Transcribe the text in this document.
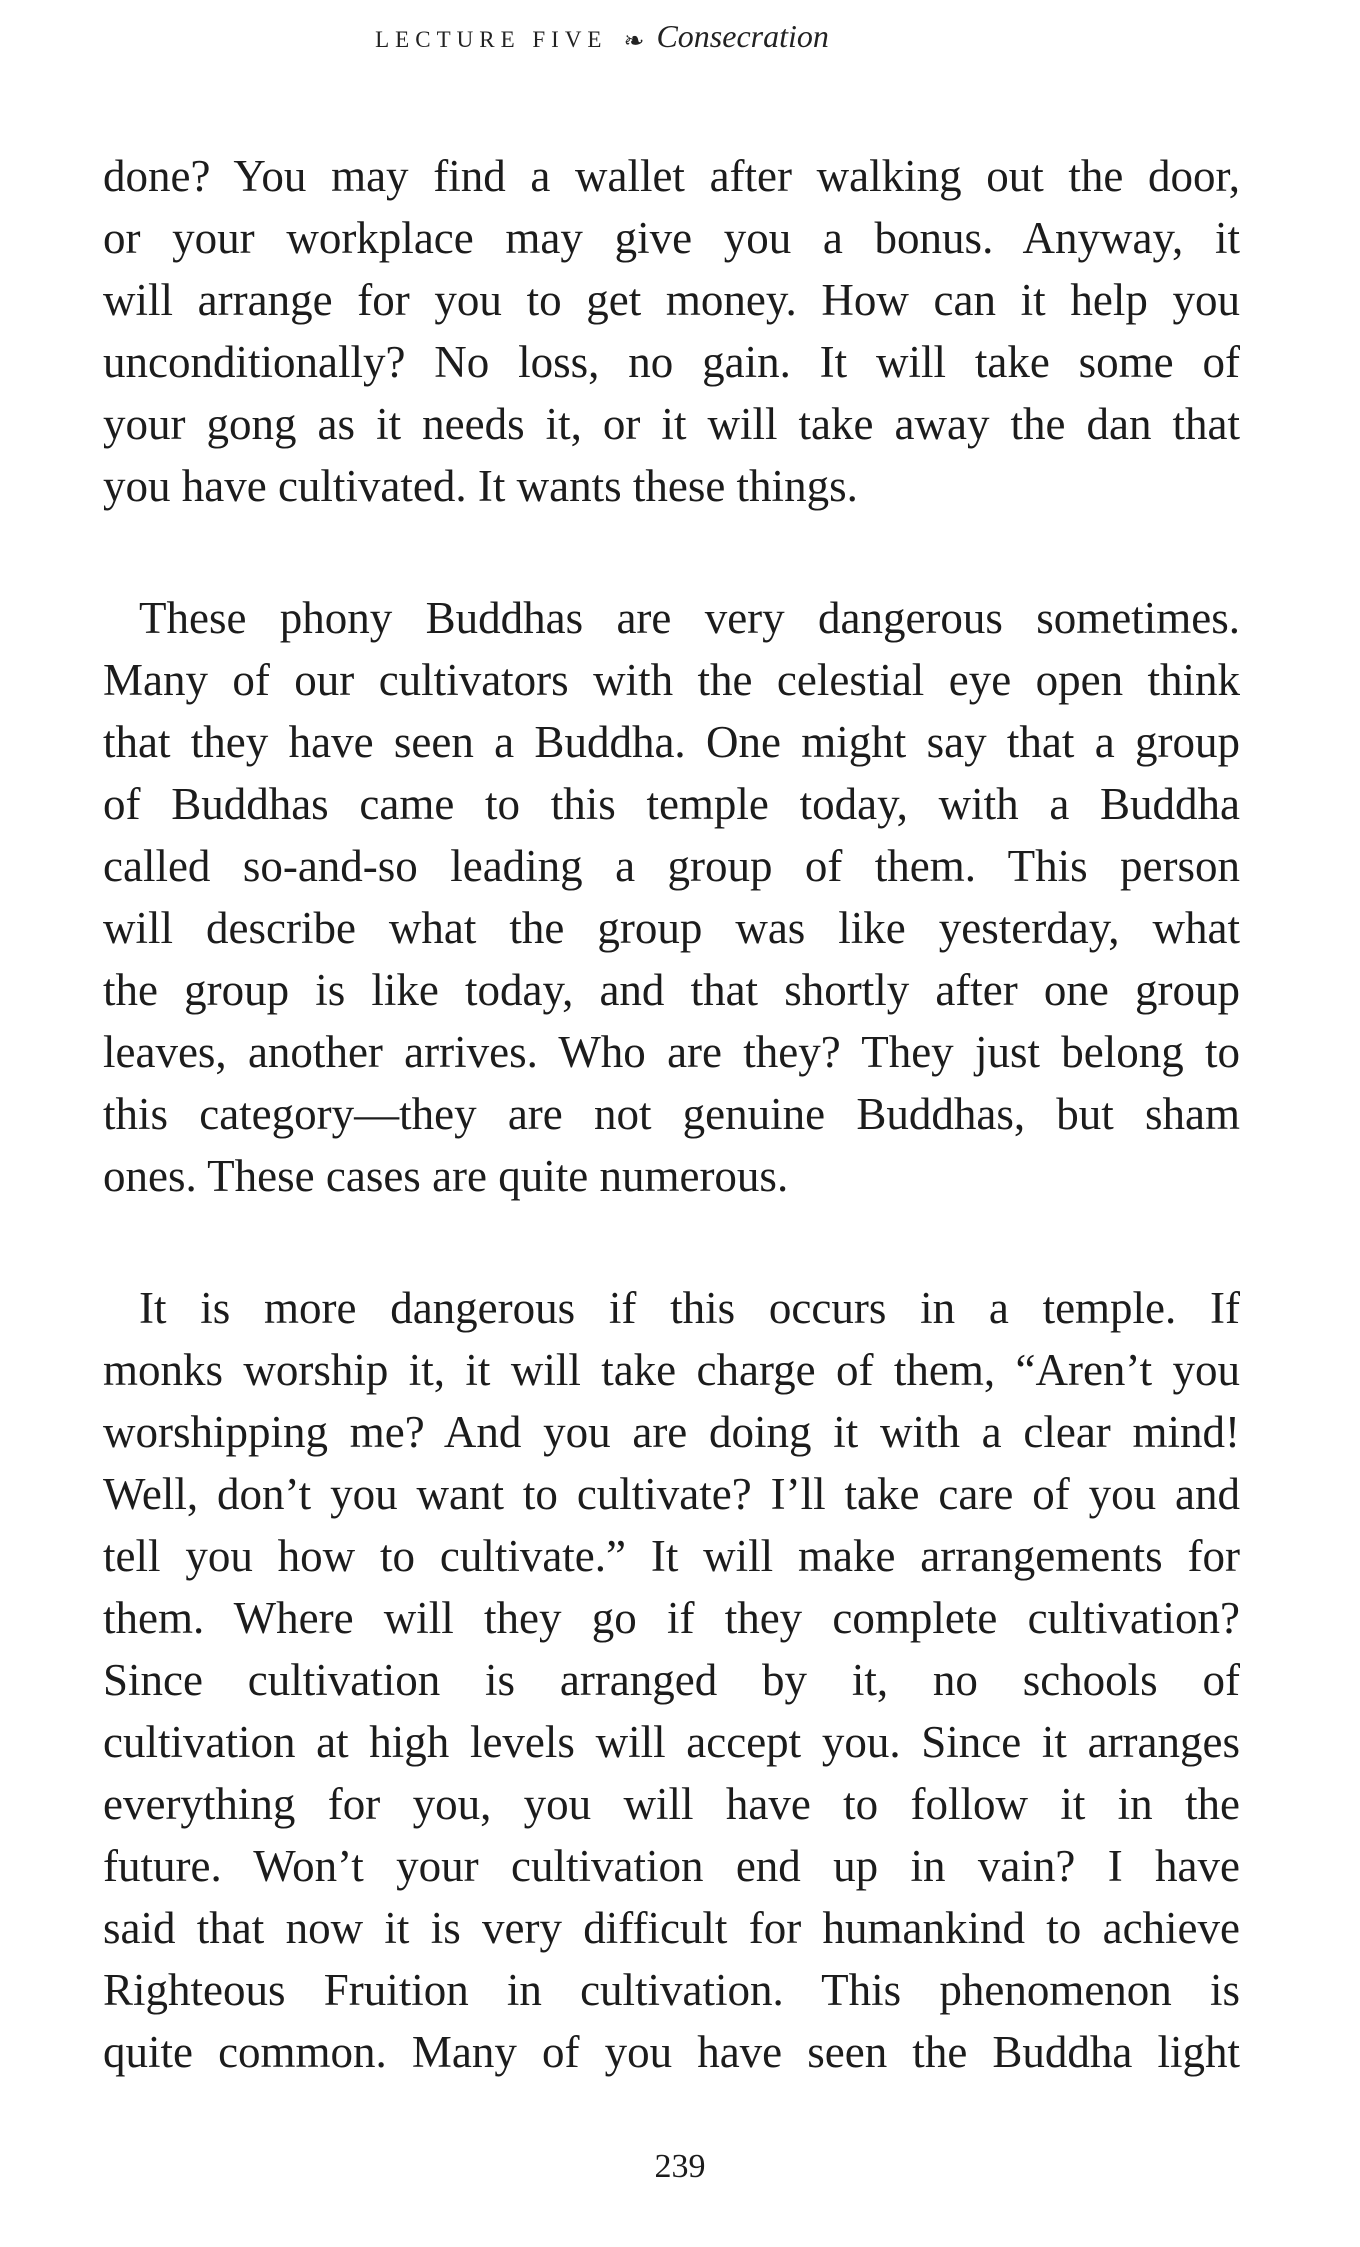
LECTURE FIVE ❧ Consecration
done? You may find a wallet after walking out the door,
or your workplace may give you a bonus. Anyway, it
will arrange for you to get money. How can it help you
unconditionally? No loss, no gain. It will take some of
your gong as it needs it, or it will take away the dan that
you have cultivated. It wants these things.
These phony Buddhas are very dangerous sometimes.
Many of our cultivators with the celestial eye open think
that they have seen a Buddha. One might say that a group
of Buddhas came to this temple today, with a Buddha
called so-and-so leading a group of them. This person
will describe what the group was like yesterday, what
the group is like today, and that shortly after one group
leaves, another arrives. Who are they? They just belong to
this category—they are not genuine Buddhas, but sham
ones. These cases are quite numerous.
It is more dangerous if this occurs in a temple. If
monks worship it, it will take charge of them, “Aren’t you
worshipping me? And you are doing it with a clear mind!
Well, don’t you want to cultivate? I’ll take care of you and
tell you how to cultivate.” It will make arrangements for
them. Where will they go if they complete cultivation?
Since cultivation is arranged by it, no schools of
cultivation at high levels will accept you. Since it arranges
everything for you, you will have to follow it in the
future. Won’t your cultivation end up in vain? I have
said that now it is very difficult for humankind to achieve
Righteous Fruition in cultivation. This phenomenon is
quite common. Many of you have seen the Buddha light
239
